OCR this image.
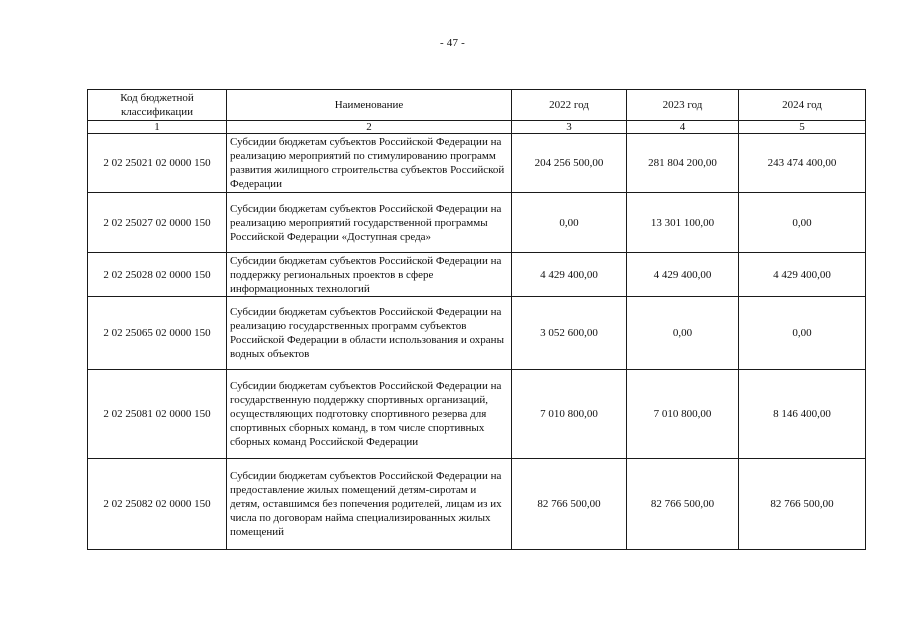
- 47 -
Код бюджетной классификации	Наименование	2022 год	2023 год	2024 год
1	2	3	4	5
2 02 25021 02 0000 150	Субсидии бюджетам субъектов Российской Федерации на реализацию мероприятий по стимулированию программ развития жилищного строительства субъектов Российской Федерации	204 256 500,00	281 804 200,00	243 474 400,00
2 02 25027 02 0000 150	Субсидии бюджетам субъектов Российской Федерации на реализацию мероприятий государственной программы Российской Федерации «Доступная среда»	0,00	13 301 100,00	0,00
2 02 25028 02 0000 150	Субсидии бюджетам субъектов Российской Федерации на поддержку региональных проектов в сфере информационных технологий	4 429 400,00	4 429 400,00	4 429 400,00
2 02 25065 02 0000 150	Субсидии бюджетам субъектов Российской Федерации на реализацию государственных программ субъектов Российской Федерации в области использования и охраны водных объектов	3 052 600,00	0,00	0,00
2 02 25081 02 0000 150	Субсидии бюджетам субъектов Российской Федерации на государственную поддержку спортивных организаций, осуществляющих подготовку спортивного резерва для спортивных сборных команд, в том числе спортивных сборных команд Российской Федерации	7 010 800,00	7 010 800,00	8 146 400,00
2 02 25082 02 0000 150	Субсидии бюджетам субъектов Российской Федерации на предоставление жилых помещений детям-сиротам и детям, оставшимся без попечения родителей, лицам из их числа по договорам найма специализированных жилых помещений	82 766 500,00	82 766 500,00	82 766 500,00
